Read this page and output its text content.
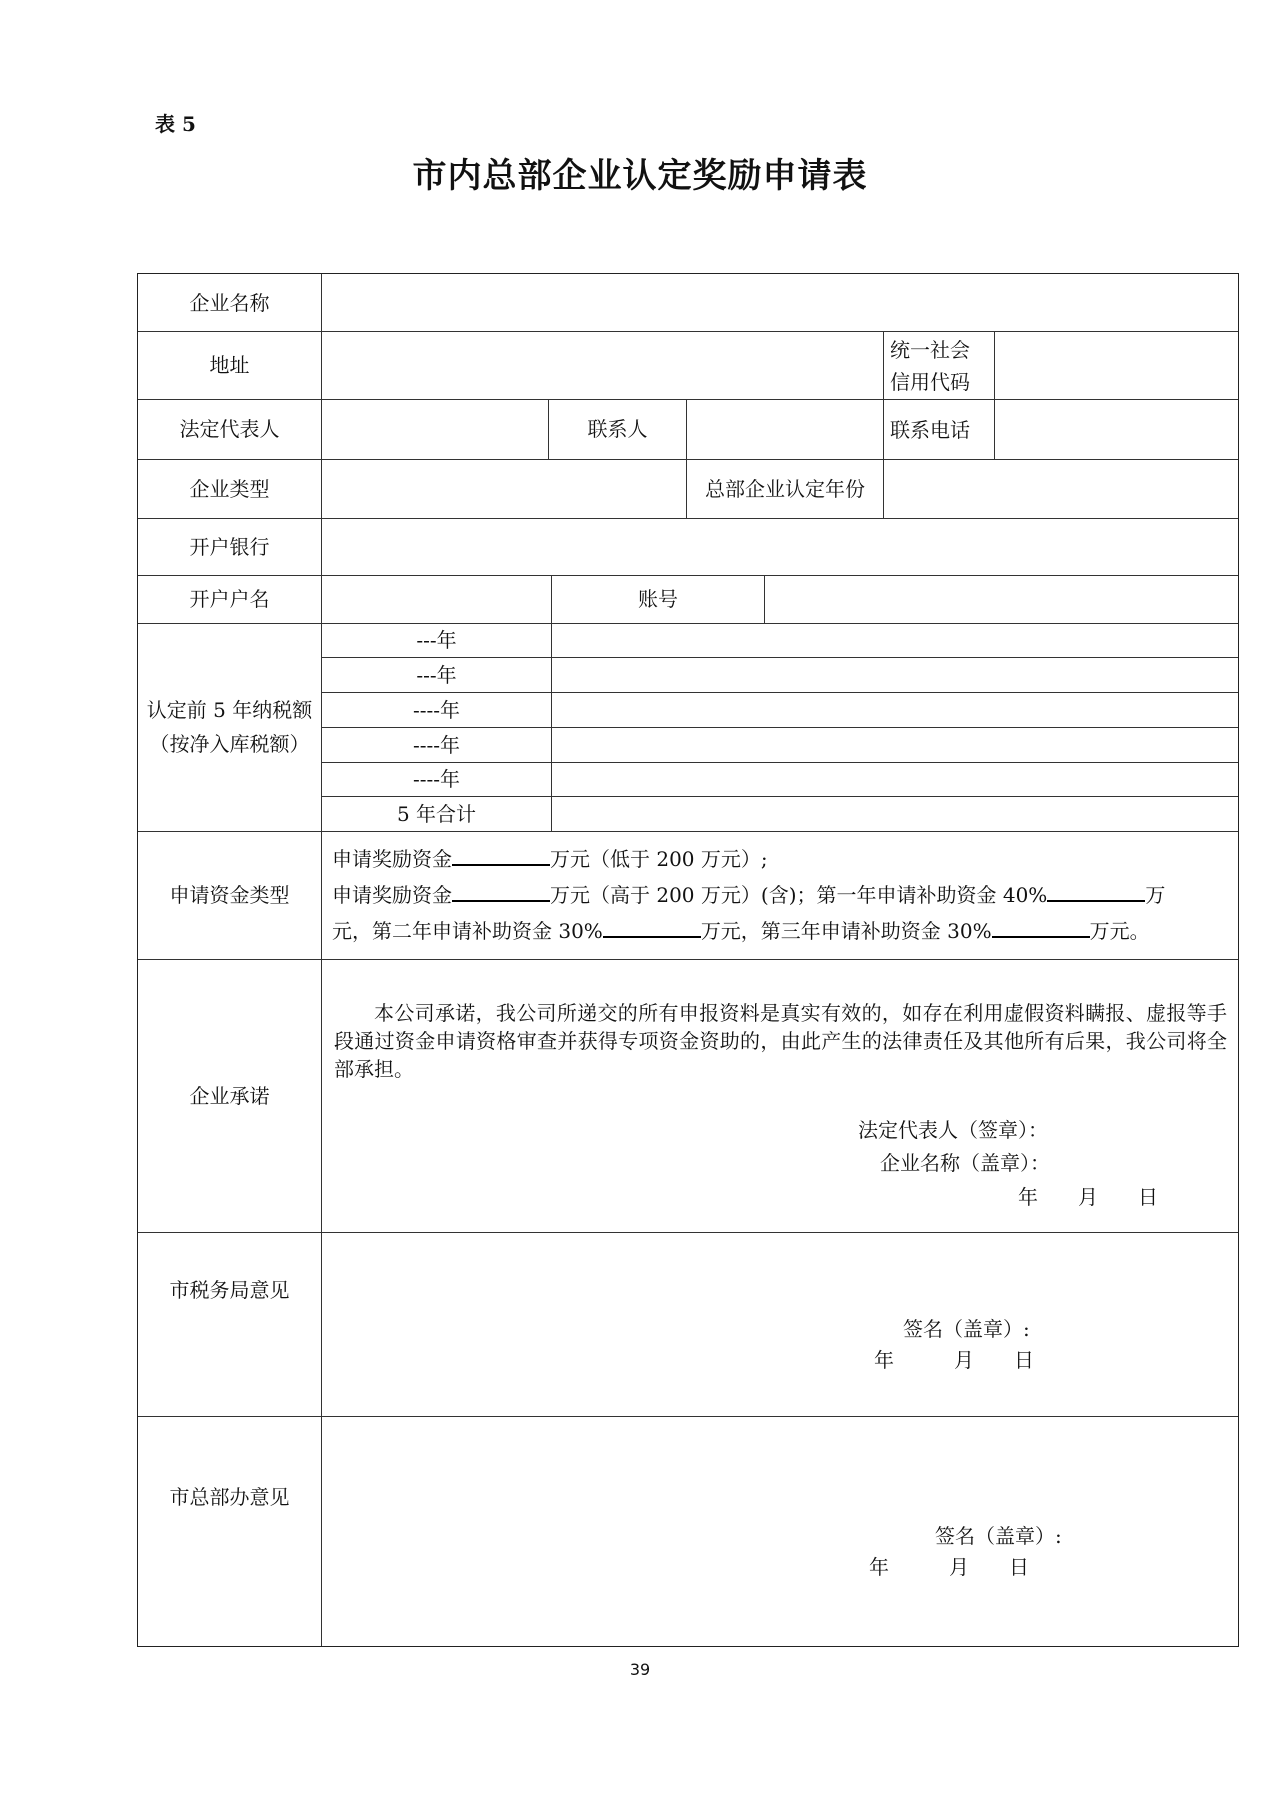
表 5
市内总部企业认定奖励申请表
企业名称
地址
统一社会
信用代码
法定代表人	联系人	联系电话
企业类型	总部企业认定年份
开户银行
开户户名	账号
认定前 5 年纳税额
（按净入库税额）
---年
---年
----年
----年
----年
5 年合计
申请资金类型
申请奖励资金	万元（低于 200 万元）;
申请奖励资金	万元（高于 200 万元）(含)；第一年申请补助资金 40%	万
元，第二年申请补助资金 30%	万元，第三年申请补助资金 30%	万元。
企业承诺
本公司承诺，我公司所递交的所有申报资料是真实有效的，如存在利用虚假资料瞒报、虚报等手段通过资金申请资格审查并获得专项资金资助的，由此产生的法律责任及其他所有后果，我公司将全部承担。
法定代表人（签章）：
企业名称（盖章）：
年　　月　　日
市税务局意见
签名（盖章）:
年　　　月　　日
市总部办意见
签名（盖章）:
年　　　月　　日
39
